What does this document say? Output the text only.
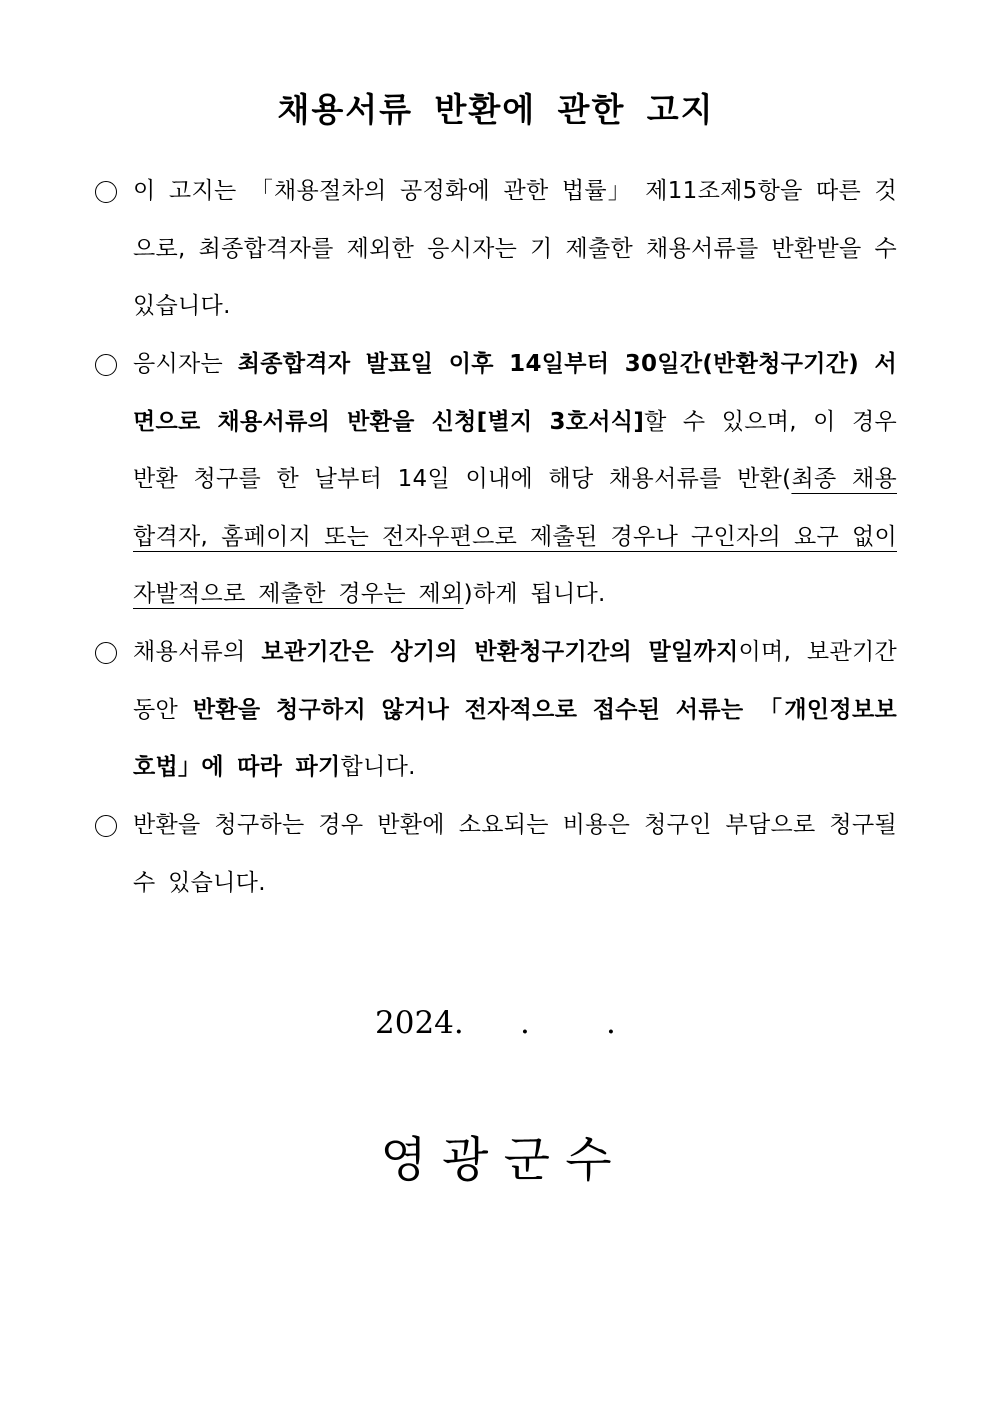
채용서류 반환에 관한 고지

이 고지는 「채용절차의 공정화에 관한 법률」 제11조제5항을 따른 것으로, 최종합격자를 제외한 응시자는 기 제출한 채용서류를 반환받을 수 있습니다.

응시자는 최종합격자 발표일 이후 14일부터 30일간(반환청구기간) 서면으로 채용서류의 반환을 신청[별지 3호서식]할 수 있으며, 이 경우 반환 청구를 한 날부터 14일 이내에 해당 채용서류를 반환(최종 채용 합격자, 홈페이지 또는 전자우편으로 제출된 경우나 구인자의 요구 없이 자발적으로 제출한 경우는 제외)하게 됩니다.

채용서류의 보관기간은 상기의 반환청구기간의 말일까지이며, 보관기간 동안 반환을 청구하지 않거나 전자적으로 접수된 서류는 「개인정보보호법」에 따라 파기합니다.

반환을 청구하는 경우 반환에 소요되는 비용은 청구인 부담으로 청구될 수 있습니다.

2024. . .
영 광 군 수
